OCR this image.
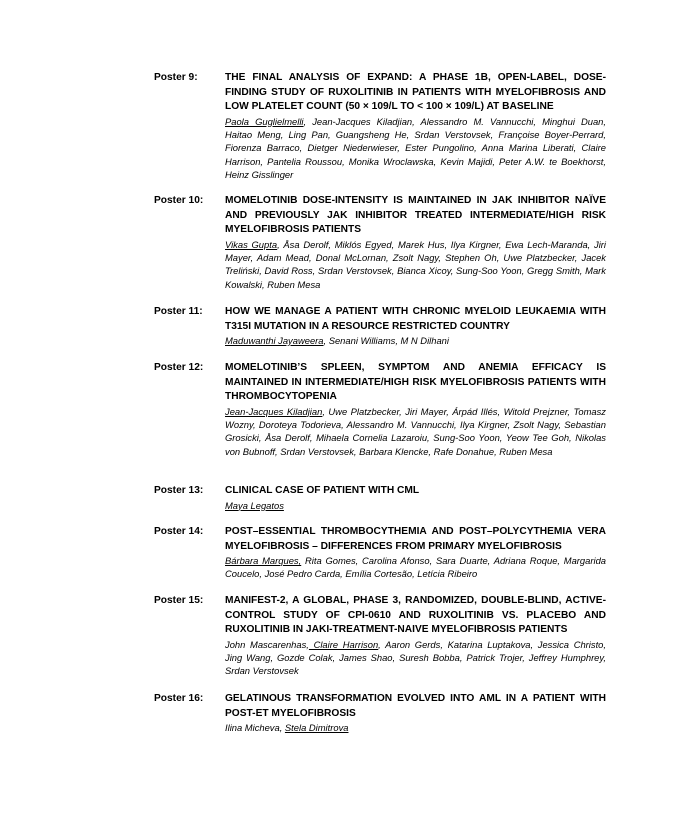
Poster 9:	THE FINAL ANALYSIS OF EXPAND: A PHASE 1B, OPEN-LABEL, DOSE-FINDING STUDY OF RUXOLITINIB IN PATIENTS WITH MYELOFIBROSIS AND LOW PLATELET COUNT (50 × 109/L TO < 100 × 109/L) AT BASELINE

Paola Guglielmelli, Jean-Jacques Kiladjian, Alessandro M. Vannucchi, Minghui Duan, Haitao Meng, Ling Pan, Guangsheng He, Srdan Verstovsek, Françoise Boyer-Perrard, Fiorenza Barraco, Dietger Niederwieser, Ester Pungolino, Anna Marina Liberati, Claire Harrison, Pantelia Roussou, Monika Wroclawska, Kevin Majidi, Peter A.W. te Boekhorst, Heinz Gisslinger

Poster 10:	MOMELOTINIB DOSE-INTENSITY IS MAINTAINED IN JAK INHIBITOR NAÏVE AND PREVIOUSLY JAK INHIBITOR TREATED INTERMEDIATE/HIGH RISK MYELOFIBROSIS PATIENTS

Vikas Gupta, Åsa Derolf, Miklós Egyed, Marek Hus, Ilya Kirgner, Ewa Lech-Maranda, Jiri Mayer, Adam Mead, Donal McLornan, Zsolt Nagy, Stephen Oh, Uwe Platzbecker, Jacek Treliński, David Ross, Srdan Verstovsek, Bianca Xicoy, Sung-Soo Yoon, Gregg Smith, Mark Kowalski, Ruben Mesa

Poster 11:	HOW WE MANAGE A PATIENT WITH CHRONIC MYELOID LEUKAEMIA WITH T315I MUTATION IN A RESOURCE RESTRICTED COUNTRY

Maduwanthi Jayaweera, Senani Williams, M N Dilhani

Poster 12:	MOMELOTINIB’S SPLEEN, SYMPTOM AND ANEMIA EFFICACY IS MAINTAINED IN INTERMEDIATE/HIGH RISK MYELOFIBROSIS PATIENTS WITH THROMBOCYTOPENIA

Jean-Jacques Kiladjian, Uwe Platzbecker, Jiri Mayer, Árpád Illés, Witold Prejzner, Tomasz Wozny, Doroteya Todorieva, Alessandro M. Vannucchi, Ilya Kirgner, Zsolt Nagy, Sebastian Grosicki, Åsa Derolf, Mihaela Cornelia Lazaroiu, Sung-Soo Yoon, Yeow Tee Goh, Nikolas von Bubnoff, Srdan Verstovsek, Barbara Klencke, Rafe Donahue, Ruben Mesa

Poster 13:	CLINICAL CASE OF PATIENT WITH CML

Maya Legatos

Poster 14:	POST–ESSENTIAL THROMBOCYTHEMIA AND POST–POLYCYTHEMIA VERA MYELOFIBROSIS – DIFFERENCES FROM PRIMARY MYELOFIBROSIS

Bárbara Marques, Rita Gomes, Carolina Afonso, Sara Duarte, Adriana Roque, Margarida Coucelo, José Pedro Carda, Emília Cortesão, Letícia Ribeiro

Poster 15:	MANIFEST-2, A GLOBAL, PHASE 3, RANDOMIZED, DOUBLE-BLIND, ACTIVE-CONTROL STUDY OF CPI-0610 AND RUXOLITINIB VS. PLACEBO AND RUXOLITINIB IN JAKI-TREATMENT-NAIVE MYELOFIBROSIS PATIENTS

John Mascarenhas, Claire Harrison, Aaron Gerds, Katarina Luptakova, Jessica Christo, Jing Wang, Gozde Colak, James Shao, Suresh Bobba, Patrick Trojer, Jeffrey Humphrey, Srdan Verstovsek

Poster 16:	GELATINOUS TRANSFORMATION EVOLVED INTO AML IN A PATIENT WITH POST-ET MYELOFIBROSIS

Ilina Micheva, Stela Dimitrova
